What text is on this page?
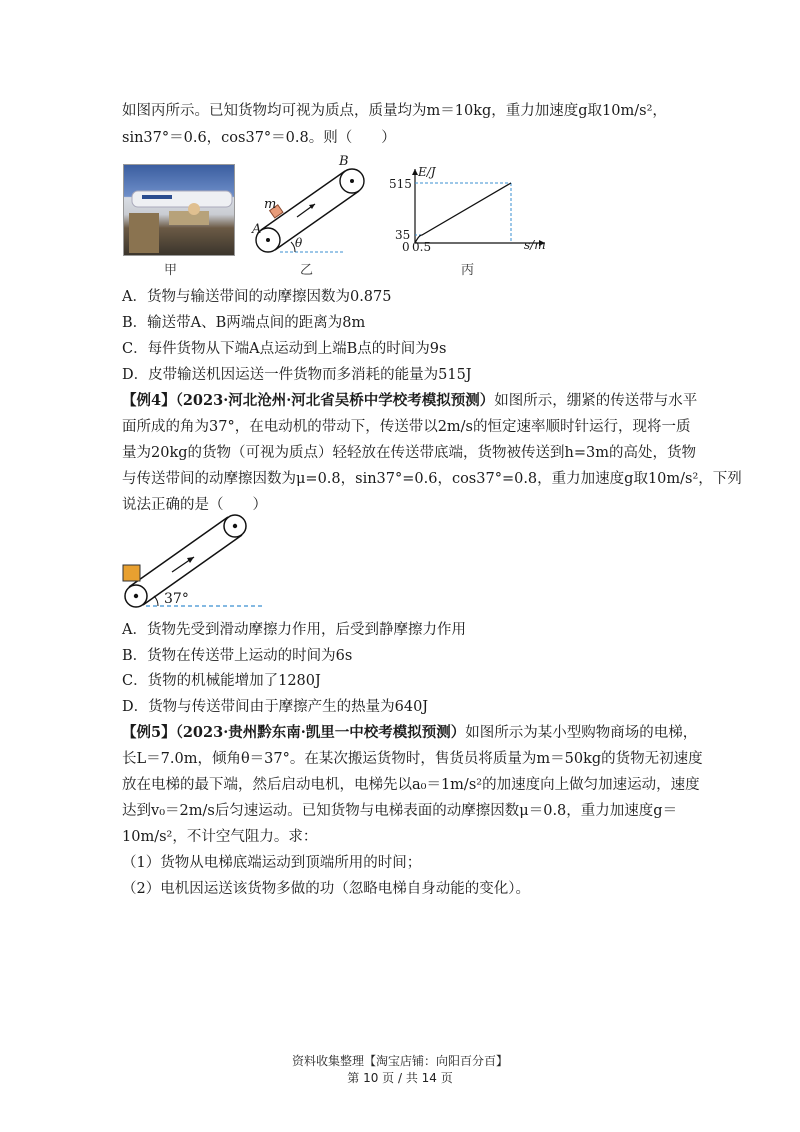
如图丙所示。已知货物均可视为质点，质量均为m＝10kg，重力加速度g取10m/s²，
sin37°＝0.6，cos37°＝0.8。则（　　）
甲
B
A
m
θ
乙
E/J
515
35
0 0.5	s/m
丙
A．货物与输送带间的动摩擦因数为0.875
B．输送带A、B两端点间的距离为8m
C．每件货物从下端A点运动到上端B点的时间为9s
D．皮带输送机因运送一件货物而多消耗的能量为515J
【例4】（2023·河北沧州·河北省吴桥中学校考模拟预测）如图所示，绷紧的传送带与水平
面所成的角为37°，在电动机的带动下，传送带以2m/s的恒定速率顺时针运行，现将一质
量为20kg的货物（可视为质点）轻轻放在传送带底端，货物被传送到h=3m的高处，货物
与传送带间的动摩擦因数为μ=0.8，sin37°=0.6，cos37°=0.8，重力加速度g取10m/s²，下列
说法正确的是（　　）
37°
A．货物先受到滑动摩擦力作用，后受到静摩擦力作用
B．货物在传送带上运动的时间为6s
C．货物的机械能增加了1280J
D．货物与传送带间由于摩擦产生的热量为640J
【例5】（2023·贵州黔东南·凯里一中校考模拟预测）如图所示为某小型购物商场的电梯，
长L＝7.0m，倾角θ＝37°。在某次搬运货物时，售货员将质量为m＝50kg的货物无初速度
放在电梯的最下端，然后启动电机，电梯先以a₀＝1m/s²的加速度向上做匀加速运动，速度
达到v₀＝2m/s后匀速运动。已知货物与电梯表面的动摩擦因数μ＝0.8，重力加速度g＝
10m/s²，不计空气阻力。求：
（1）货物从电梯底端运动到顶端所用的时间；
（2）电机因运送该货物多做的功（忽略电梯自身动能的变化）。
资料收集整理【淘宝店铺：向阳百分百】
第 10 页 / 共 14 页
